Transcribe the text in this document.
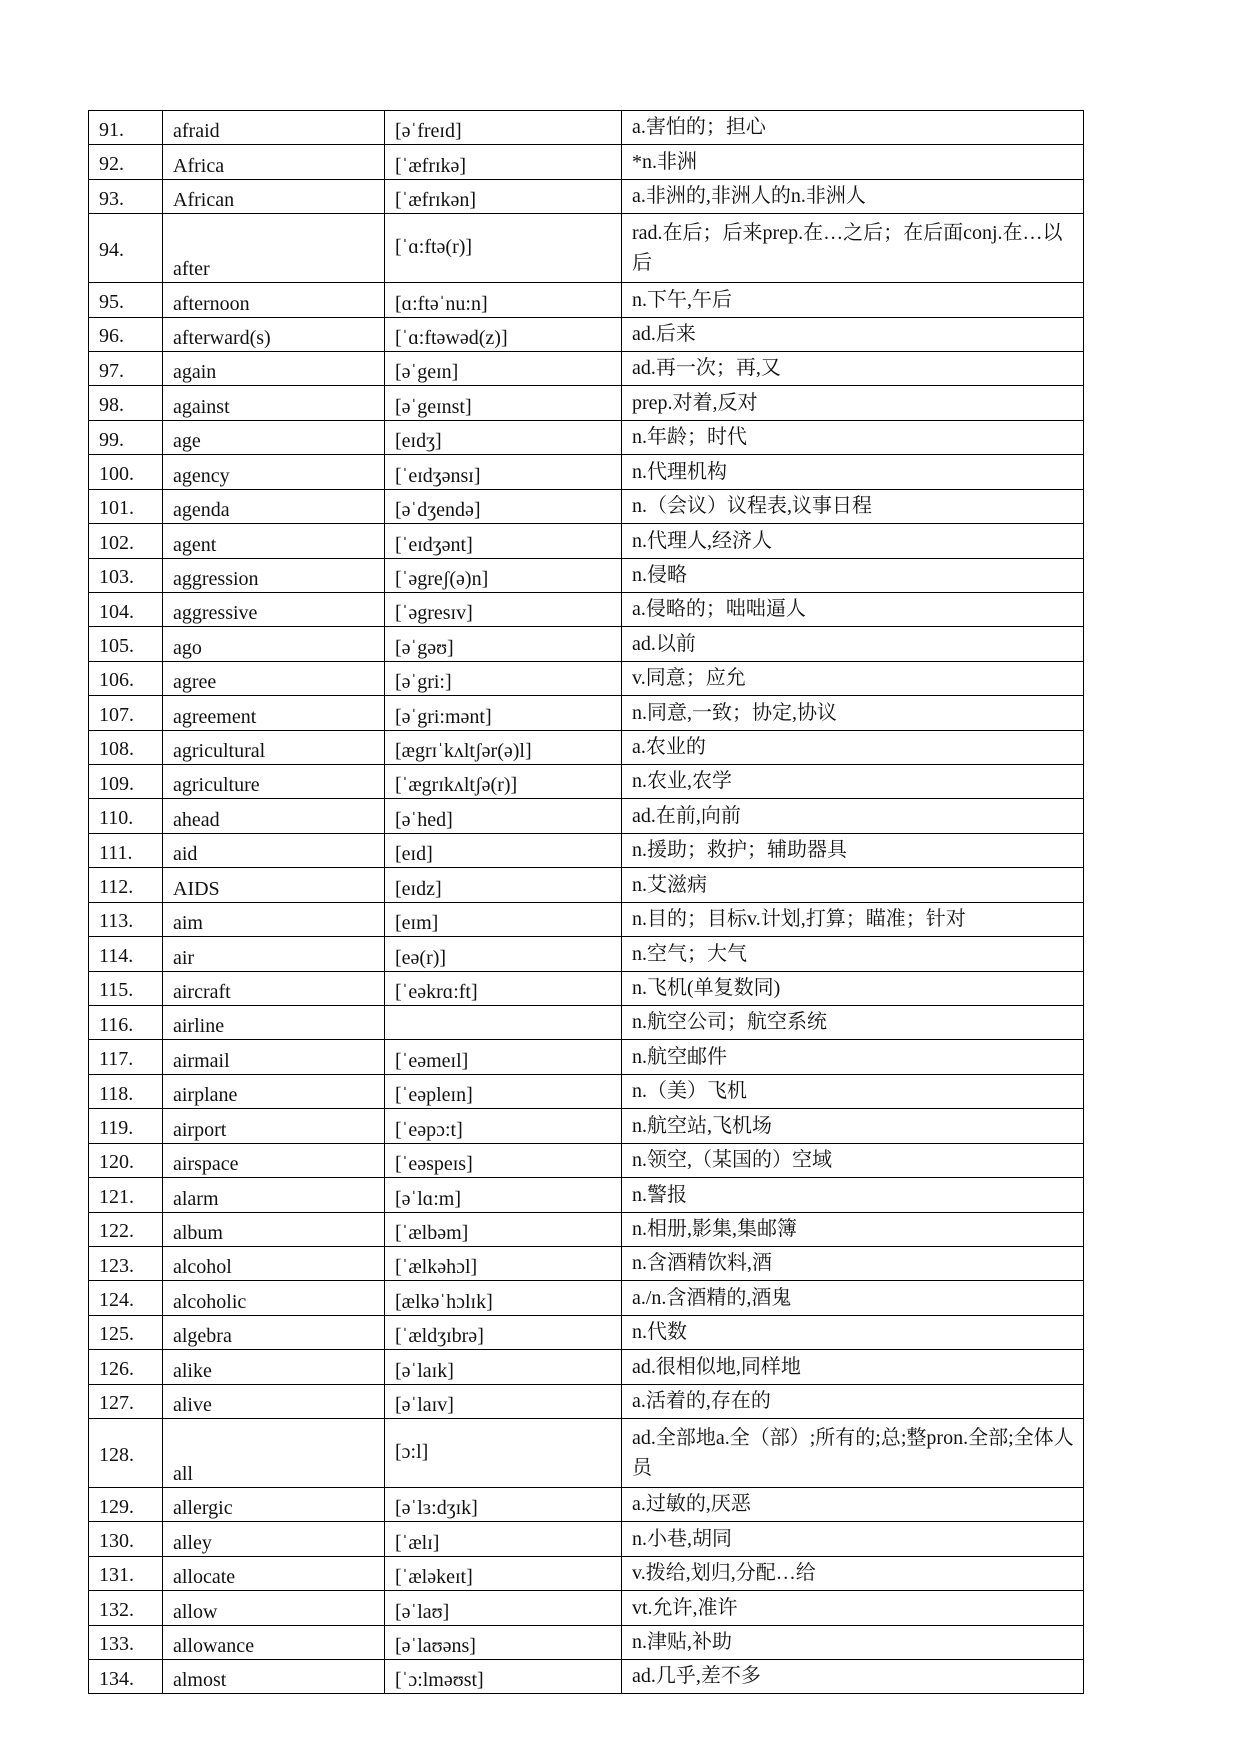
91.	afraid	[əˈfreɪd]	a.害怕的；担心
92.	Africa	[ˈæfrɪkə]	*n.非洲
93.	African	[ˈæfrɪkən]	a.非洲的,非洲人的n.非洲人
94.	after	[ˈɑ:ftə(r)]	rad.在后；后来prep.在…之后；在后面conj.在…以后
95.	afternoon	[ɑ:ftəˈnu:n]	n.下午,午后
96.	afterward(s)	[ˈɑ:ftəwəd(z)]	ad.后来
97.	again	[əˈgeɪn]	ad.再一次；再,又
98.	against	[əˈgeɪnst]	prep.对着,反对
99.	age	[eɪdʒ]	n.年龄；时代
100.	agency	[ˈeɪdʒənsɪ]	n.代理机构
101.	agenda	[əˈdʒendə]	n.（会议）议程表,议事日程
102.	agent	[ˈeɪdʒənt]	n.代理人,经济人
103.	aggression	[ˈəgreʃ(ə)n]	n.侵略
104.	aggressive	[ˈəgresɪv]	a.侵略的；咄咄逼人
105.	ago	[əˈgəʊ]	ad.以前
106.	agree	[əˈgri:]	v.同意；应允
107.	agreement	[əˈgri:mənt]	n.同意,一致；协定,协议
108.	agricultural	[ægrɪˈkʌltʃər(ə)l]	a.农业的
109.	agriculture	[ˈægrɪkʌltʃə(r)]	n.农业,农学
110.	ahead	[əˈhed]	ad.在前,向前
111.	aid	[eɪd]	n.援助；救护；辅助器具
112.	AIDS	[eɪdz]	n.艾滋病
113.	aim	[eɪm]	n.目的；目标v.计划,打算；瞄准；针对
114.	air	[eə(r)]	n.空气；大气
115.	aircraft	[ˈeəkrɑ:ft]	n.飞机(单复数同)
116.	airline		n.航空公司；航空系统
117.	airmail	[ˈeəmeɪl]	n.航空邮件
118.	airplane	[ˈeəpleɪn]	n.（美）飞机
119.	airport	[ˈeəpɔ:t]	n.航空站,飞机场
120.	airspace	[ˈeəspeɪs]	n.领空,（某国的）空域
121.	alarm	[əˈlɑ:m]	n.警报
122.	album	[ˈælbəm]	n.相册,影集,集邮簿
123.	alcohol	[ˈælkəhɔl]	n.含酒精饮料,酒
124.	alcoholic	[ælkəˈhɔlɪk]	a./n.含酒精的,酒鬼
125.	algebra	[ˈældʒɪbrə]	n.代数
126.	alike	[əˈlaɪk]	ad.很相似地,同样地
127.	alive	[əˈlaɪv]	a.活着的,存在的
128.	all	[ɔ:l]	ad.全部地a.全（部）;所有的;总;整pron.全部;全体人员
129.	allergic	[əˈlɜ:dʒɪk]	a.过敏的,厌恶
130.	alley	[ˈælɪ]	n.小巷,胡同
131.	allocate	[ˈæləkeɪt]	v.拨给,划归,分配…给
132.	allow	[əˈlaʊ]	vt.允许,准许
133.	allowance	[əˈlaʊəns]	n.津贴,补助
134.	almost	[ˈɔ:lməʊst]	ad.几乎,差不多
